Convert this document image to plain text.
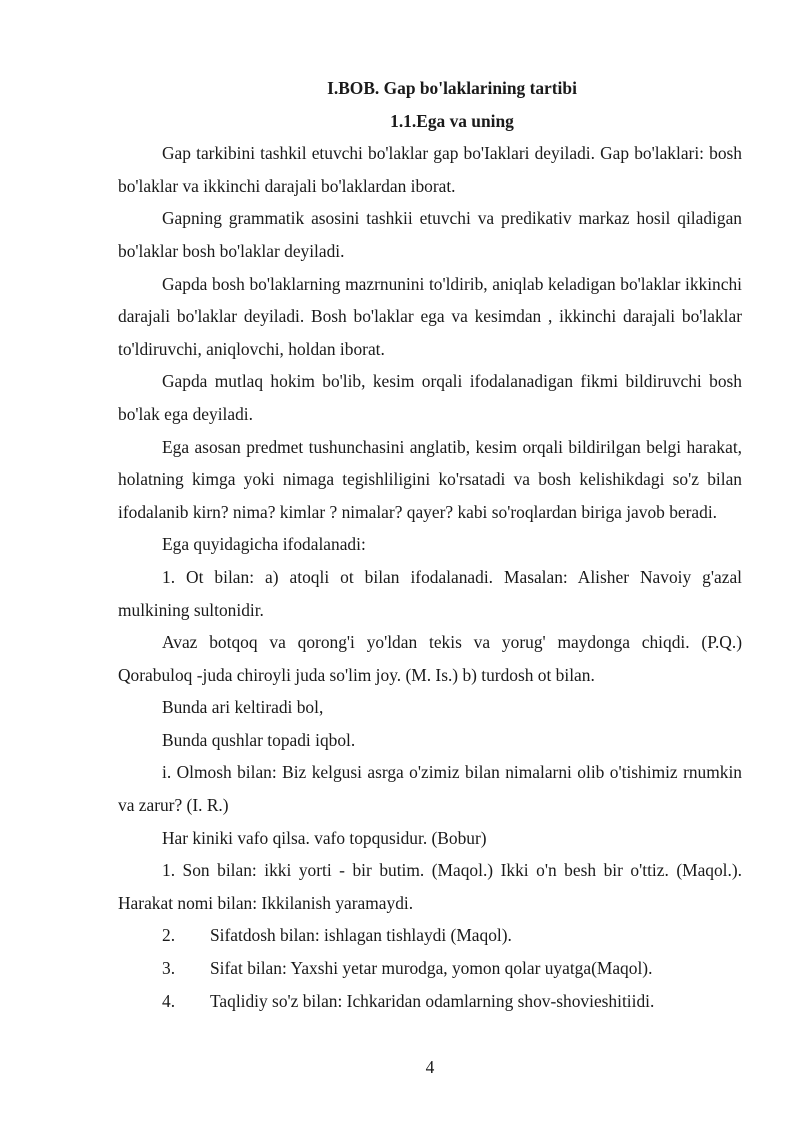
I.BOB. Gap bo'laklarining tartibi

1.1.Ega va uning

Gap tarkibini tashkil etuvchi bo'laklar gap bo'Iaklari deyiladi. Gap bo'laklari: bosh bo'laklar va ikkinchi darajali bo'laklardan iborat.

Gapning grammatik asosini tashkii etuvchi va predikativ markaz hosil qiladigan bo'laklar bosh bo'laklar deyiladi.

Gapda bosh bo'laklarning mazrnunini to'ldirib, aniqlab keladigan bo'laklar ikkinchi darajali bo'laklar deyiladi. Bosh bo'laklar ega va kesimdan , ikkinchi darajali bo'laklar to'ldiruvchi, aniqlovchi, holdan iborat.

Gapda mutlaq hokim bo'lib, kesim orqali ifodalanadigan fikmi bildiruvchi bosh bo'lak ega deyiladi.

Ega asosan predmet tushunchasini anglatib, kesim orqali bildirilgan belgi harakat, holatning kimga yoki nimaga tegishliligini ko'rsatadi va bosh kelishikdagi so'z bilan ifodalanib kirn? nima? kimlar ? nimalar? qayer? kabi so'roqlardan biriga javob beradi.

Ega quyidagicha ifodalanadi:

1. Ot bilan: a) atoqli ot bilan ifodalanadi. Masalan: Alisher Navoiy g'azal mulkining sultonidir.

Avaz botqoq va qorong'i yo'ldan tekis va yorug' maydonga chiqdi. (P.Q.) Qorabuloq -juda chiroyli juda so'lim joy. (M. Is.) b) turdosh ot bilan.

Bunda ari keltiradi bol,

Bunda qushlar topadi iqbol.

i. Olmosh bilan: Biz kelgusi asrga o'zimiz bilan nimalarni olib o'tishimiz rnumkin va zarur? (I. R.)

Har kiniki vafo qilsa. vafo topqusidur. (Bobur)

1. Son bilan: ikki yorti - bir butim. (Maqol.) Ikki o'n besh bir o'ttiz. (Maqol.). Harakat nomi bilan: Ikkilanish yaramaydi.

2.	Sifatdosh bilan: ishlagan tishlaydi (Maqol).
3.	Sifat bilan: Yaxshi yetar murodga, yomon qolar uyatga(Maqol).
4.	Taqlidiy so'z bilan: Ichkaridan odamlarning shov-shovieshitiidi.
4
